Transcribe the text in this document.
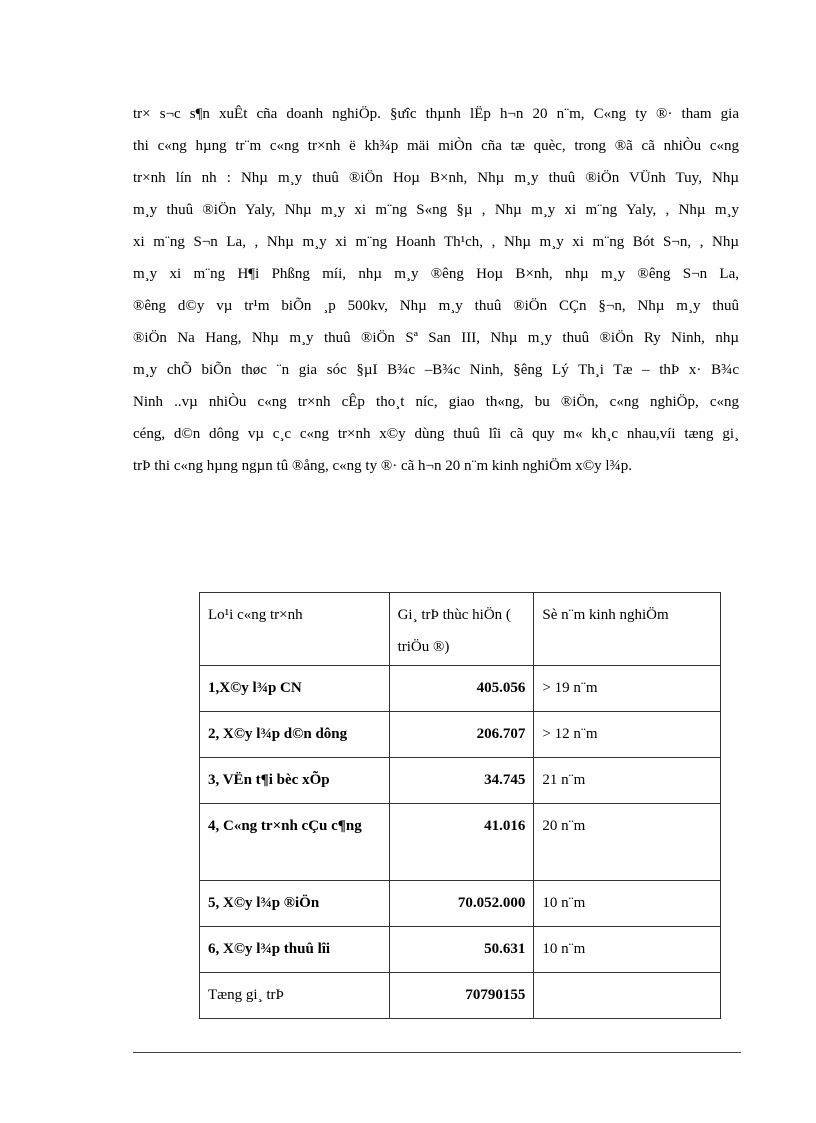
tr× s¬c s¶n xuÊt cña doanh nghiÖp. §ưîc thµnh lËp h¬n 20 n¨m, C«ng ty ®· tham gia
thi c«ng hµng tr¨m c«ng tr×nh ë kh¾p mäi miÒn cña tæ quèc, trong ®ã cã nhiÒu c«ng
tr×nh lín nh : Nhµ m¸y thuû ®iÖn Hoµ B×nh, Nhµ m¸y thuû ®iÖn VÜnh Tuy, Nhµ
m¸y thuû ®iÖn Yaly, Nhµ m¸y xi m¨ng S«ng §µ , Nhµ m¸y xi m¨ng Yaly, , Nhµ m¸y
xi m¨ng S¬n La, , Nhµ m¸y xi m¨ng Hoanh Th¹ch, , Nhµ m¸y xi m¨ng Bót S¬n, , Nhµ
m¸y xi m¨ng H¶i Phßng míi, nhµ m¸y ®êng Hoµ B×nh, nhµ m¸y ®êng S¬n La,
®êng d©y vµ tr¹m biÕn ¸p 500kv, Nhµ m¸y thuû ®iÖn CÇn §¬n, Nhµ m¸y thuû
®iÖn Na Hang, Nhµ m¸y thuû ®iÖn Sª San III, Nhµ m¸y thuû ®iÖn Ry Ninh, nhµ
m¸y chÕ biÕn thøc ¨n gia sóc §µI B¾c –B¾c Ninh, §êng Lý Th¸i Tæ – thÞ x· B¾c
Ninh ..vµ nhiÒu c«ng tr×nh cÊp tho¸t níc, giao th«ng, bu ®iÖn, c«ng nghiÖp, c«ng
céng, d©n dông vµ c¸c c«ng tr×nh x©y dùng thuû lîi cã quy m« kh¸c nhau,víi tæng gi¸
trÞ thi c«ng hµng ngµn tû ®ång, c«ng ty ®· cã h¬n 20 n¨m kinh nghiÖm x©y l¾p.
Lo¹i c«ng tr×nh	Gi¸ trÞ thùc hiÖn ( triÖu ®)	Sè n¨m kinh nghiÖm
1,X©y l¾p CN	405.056	> 19 n¨m
2, X©y l¾p d©n dông	206.707	> 12 n¨m
3, VËn t¶i bèc xÕp	34.745	21 n¨m
4, C«ng tr×nh cÇu c¶ng	41.016	20 n¨m
5, X©y l¾p ®iÖn	70.052.000	10 n¨m
6, X©y l¾p thuû lîi	50.631	10 n¨m
Tæng gi¸ trÞ	70790155	
